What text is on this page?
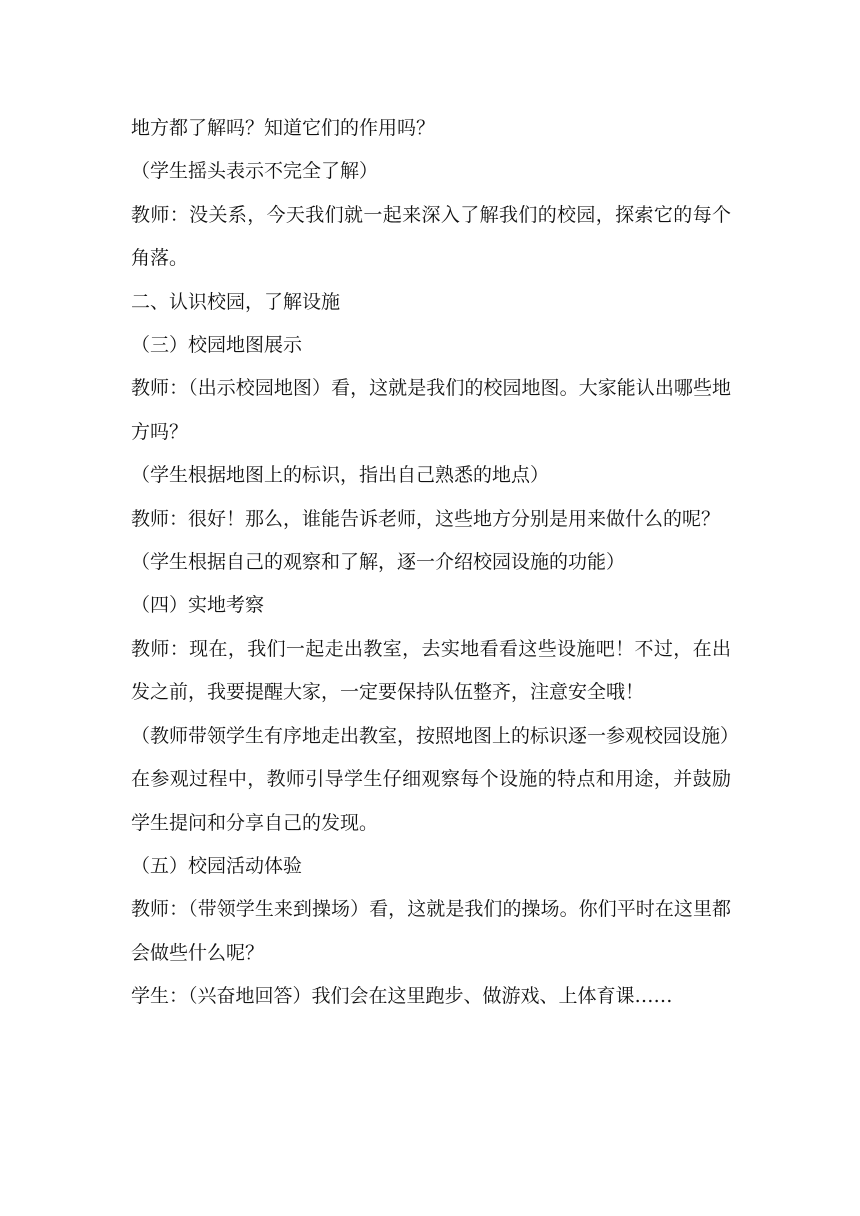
地方都了解吗？知道它们的作用吗？

（学生摇头表示不完全了解）

教师：没关系，今天我们就一起来深入了解我们的校园，探索它的每个角落。

二、认识校园，了解设施

（三）校园地图展示

教师：（出示校园地图）看，这就是我们的校园地图。大家能认出哪些地方吗？

（学生根据地图上的标识，指出自己熟悉的地点）

教师：很好！那么，谁能告诉老师，这些地方分别是用来做什么的呢？

（学生根据自己的观察和了解，逐一介绍校园设施的功能）

（四）实地考察

教师：现在，我们一起走出教室，去实地看看这些设施吧！不过，在出发之前，我要提醒大家，一定要保持队伍整齐，注意安全哦！

（教师带领学生有序地走出教室，按照地图上的标识逐一参观校园设施）

在参观过程中，教师引导学生仔细观察每个设施的特点和用途，并鼓励学生提问和分享自己的发现。

（五）校园活动体验

教师：（带领学生来到操场）看，这就是我们的操场。你们平时在这里都会做些什么呢？

学生：（兴奋地回答）我们会在这里跑步、做游戏、上体育课……
